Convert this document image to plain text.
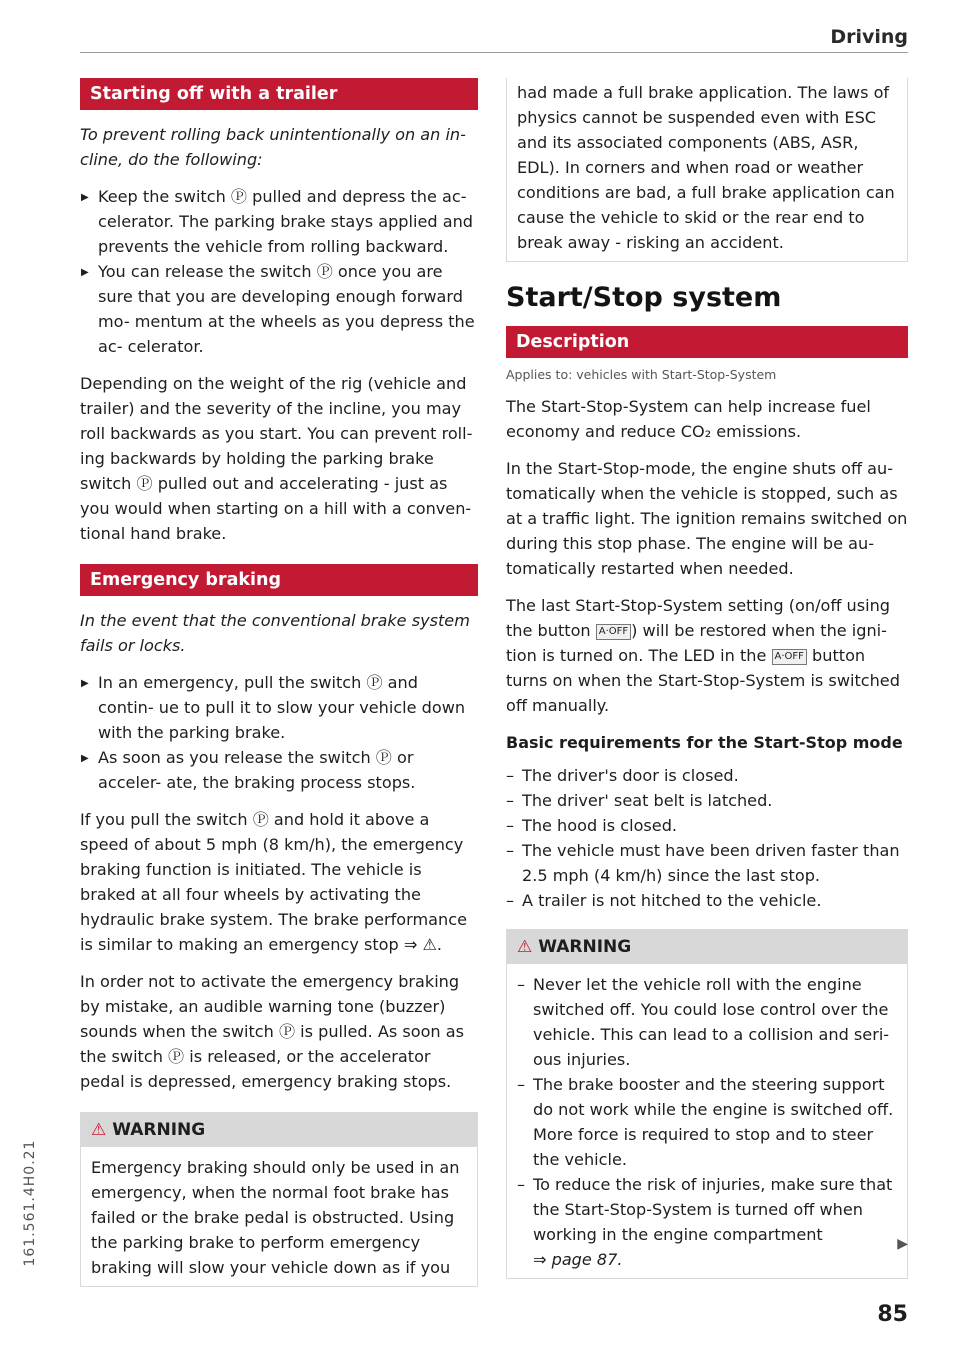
Driving
161.561.4H0.21
Starting off with a trailer
To prevent rolling back unintentionally on an in- cline, do the following:
▶ Keep the switch Ⓟ pulled and depress the ac- celerator. The parking brake stays applied and prevents the vehicle from rolling backward.
▶ You can release the switch Ⓟ once you are sure that you are developing enough forward mo- mentum at the wheels as you depress the ac- celerator.

Depending on the weight of the rig (vehicle and trailer) and the severity of the incline, you may roll backwards as you start. You can prevent roll- ing backwards by holding the parking brake switch Ⓟ pulled out and accelerating - just as you would when starting on a hill with a conven- tional hand brake.

Emergency braking
In the event that the conventional brake system fails or locks.
▶ In an emergency, pull the switch Ⓟ and contin- ue to pull it to slow your vehicle down with the parking brake.
▶ As soon as you release the switch Ⓟ or acceler- ate, the braking process stops.

If you pull the switch Ⓟ and hold it above a speed of about 5 mph (8 km/h), the emergency braking function is initiated. The vehicle is braked at all four wheels by activating the hydraulic brake system. The brake performance is similar to making an emergency stop ⇒ ⚠.

In order not to activate the emergency braking by mistake, an audible warning tone (buzzer) sounds when the switch Ⓟ is pulled. As soon as the switch Ⓟ is released, or the accelerator pedal is depressed, emergency braking stops.

⚠ WARNING
Emergency braking should only be used in an emergency, when the normal foot brake has failed or the brake pedal is obstructed. Using the parking brake to perform emergency braking will slow your vehicle down as if you
had made a full brake application. The laws of physics cannot be suspended even with ESC and its associated components (ABS, ASR, EDL). In corners and when road or weather conditions are bad, a full brake application can cause the vehicle to skid or the rear end to break away - risking an accident.
Start/Stop system
Description
Applies to: vehicles with Start-Stop-System

The Start-Stop-System can help increase fuel economy and reduce CO₂ emissions.

In the Start-Stop-mode, the engine shuts off au- tomatically when the vehicle is stopped, such as at a traffic light. The ignition remains switched on during this stop phase. The engine will be au- tomatically restarted when needed.

The last Start-Stop-System setting (on/off using the button A·OFF ) will be restored when the igni- tion is turned on. The LED in the A·OFF button turns on when the Start-Stop-System is switched off manually.

Basic requirements for the Start-Stop mode
– The driver's door is closed.
– The driver' seat belt is latched.
– The hood is closed.
– The vehicle must have been driven faster than 2.5 mph (4 km/h) since the last stop.
– A trailer is not hitched to the vehicle.
⚠ WARNING
– Never let the vehicle roll with the engine switched off. You could lose control over the vehicle. This can lead to a collision and seri- ous injuries.
– The brake booster and the steering support do not work while the engine is switched off. More force is required to stop and to steer the vehicle.
– To reduce the risk of injuries, make sure that the Start-Stop-System is turned off when working in the engine compartment
⇒ page 87.
▶
85
